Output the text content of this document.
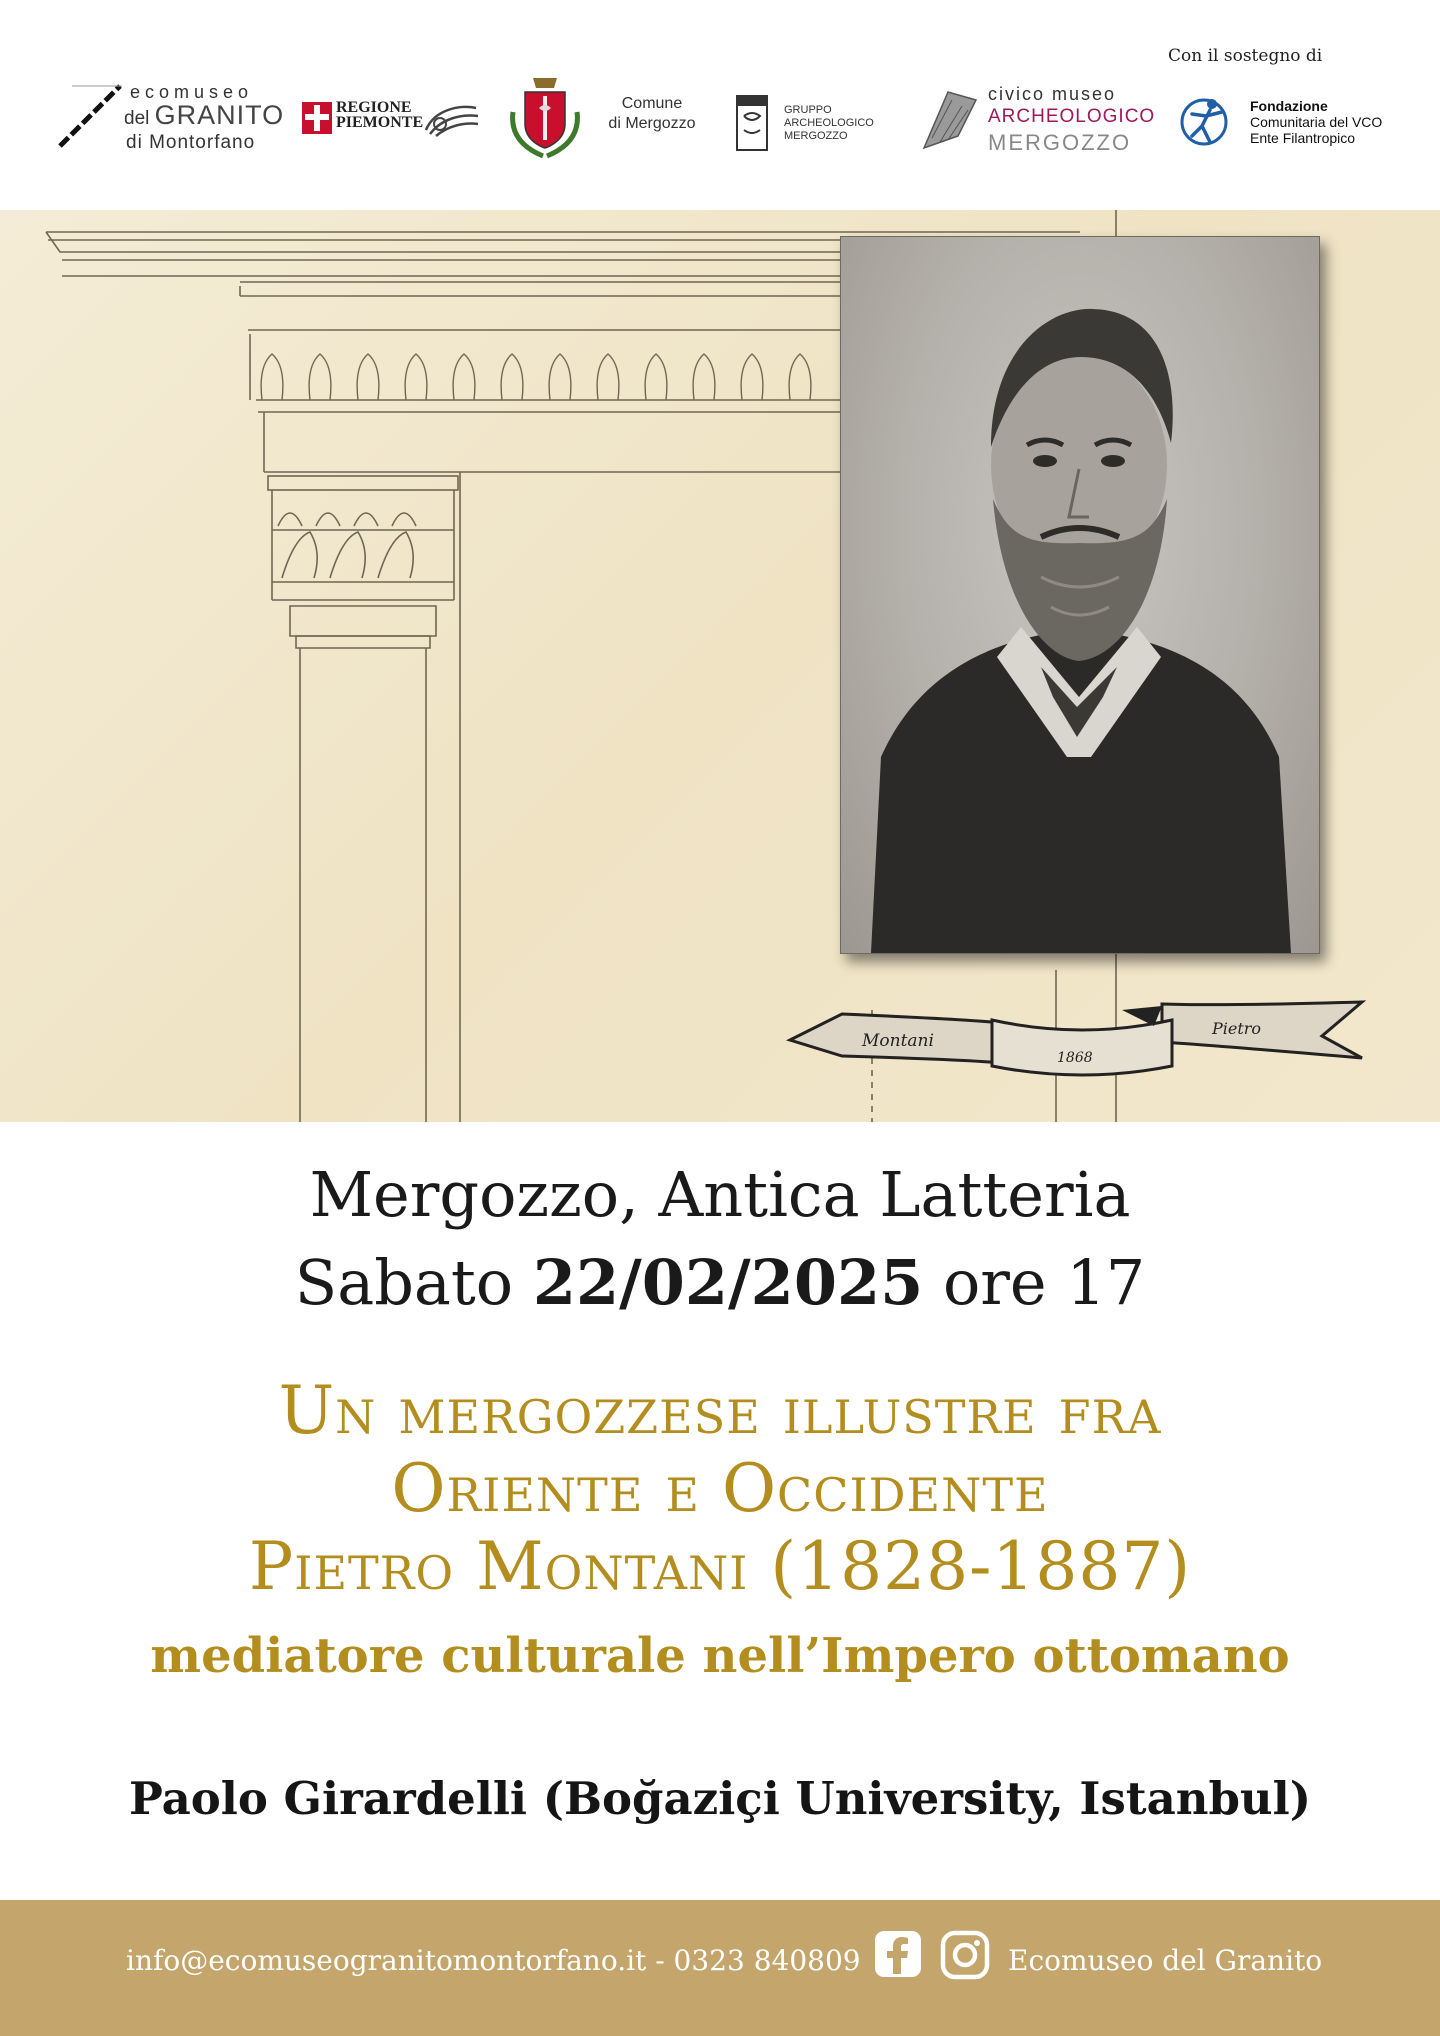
Con il sostegno di
ecomuseo
del GRANITO
di Montorfano
REGIONE
PIEMONTE
Comune
di Mergozzo
GRUPPO
ARCHEOLOGICO
MERGOZZO
civico museo
ARCHEOLOGICO
MERGOZZO
Fondazione
Comunitaria del VCO
Ente Filantropico
Montani
1868
Pietro
Mergozzo, Antica Latteria
Sabato 22/02/2025 ore 17
Un mergozzese illustre fra
Oriente e Occidente
Pietro Montani (1828-1887)
mediatore culturale nell’Impero ottomano
Paolo Girardelli (Boğaziçi University, Istanbul)
info@ecomuseogranitomontorfano.it - 0323 840809	Ecomuseo del Granito
